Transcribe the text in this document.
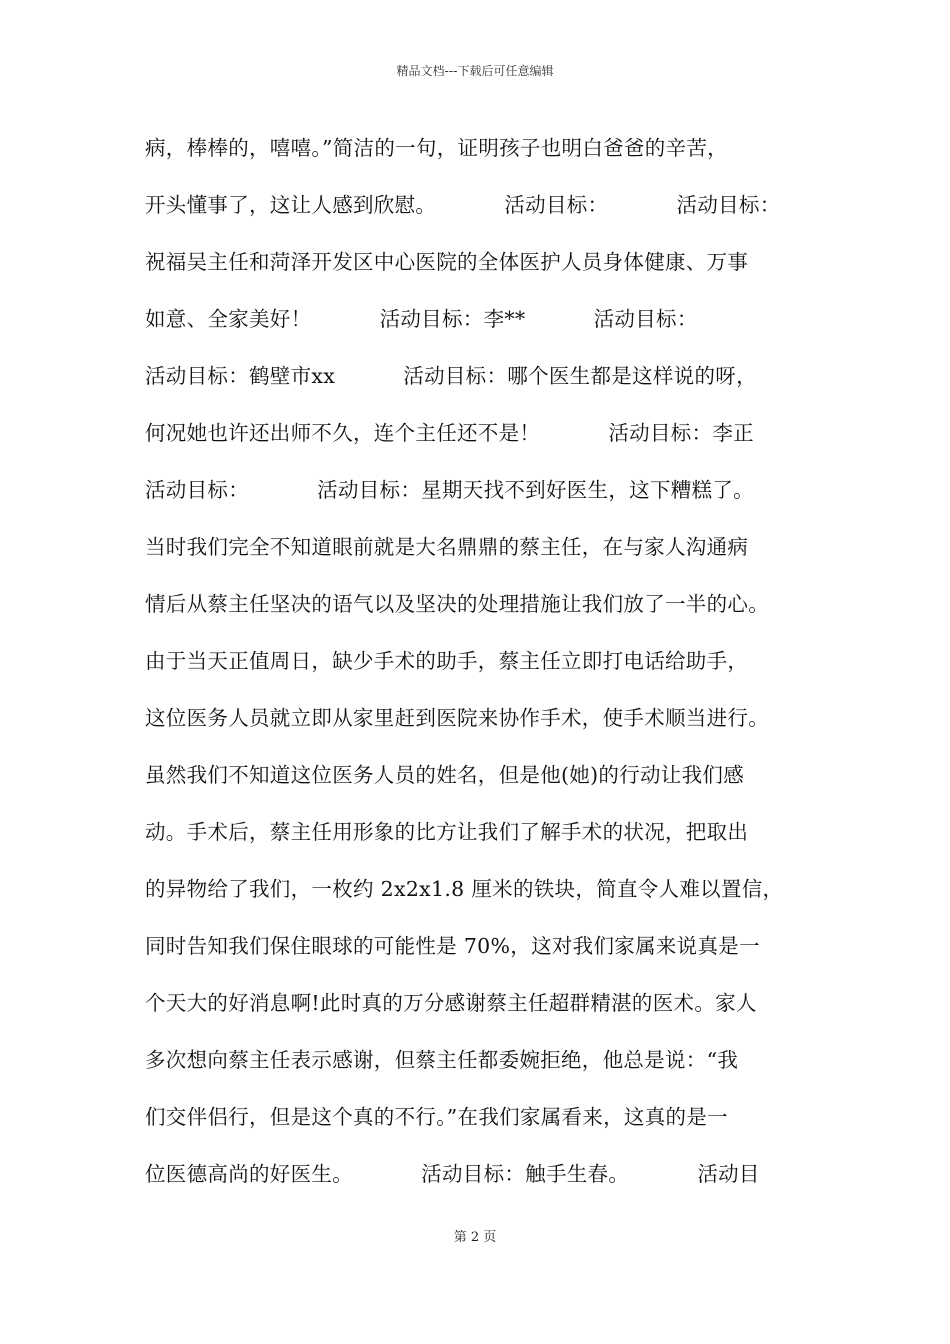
精品文档---下载后可任意编辑
病，棒棒的，嘻嘻。”简洁的一句，证明孩子也明白爸爸的辛苦，
开头懂事了，这让人感到欣慰。          活动目标：          活动目标：
祝福吴主任和菏泽开发区中心医院的全体医护人员身体健康、万事
如意、全家美好！          活动目标：李**          活动目标：
活动目标：鹤壁市xx          活动目标：哪个医生都是这样说的呀，
何况她也许还出师不久，连个主任还不是！          活动目标：李正
活动目标：          活动目标：星期天找不到好医生，这下糟糕了。
当时我们完全不知道眼前就是大名鼎鼎的蔡主任，在与家人沟通病
情后从蔡主任坚决的语气以及坚决的处理措施让我们放了一半的心。
由于当天正值周日，缺少手术的助手，蔡主任立即打电话给助手，
这位医务人员就立即从家里赶到医院来协作手术，使手术顺当进行。
虽然我们不知道这位医务人员的姓名，但是他(她)的行动让我们感
动。手术后，蔡主任用形象的比方让我们了解手术的状况，把取出
的异物给了我们，一枚约 2x2x1.8 厘米的铁块，简直令人难以置信，
同时告知我们保住眼球的可能性是 70%，这对我们家属来说真是一
个天大的好消息啊!此时真的万分感谢蔡主任超群精湛的医术。家人
多次想向蔡主任表示感谢，但蔡主任都委婉拒绝，他总是说：“我
们交伴侣行，但是这个真的不行。”在我们家属看来，这真的是一
位医德高尚的好医生。          活动目标：触手生春。          活动目
第 2 页
